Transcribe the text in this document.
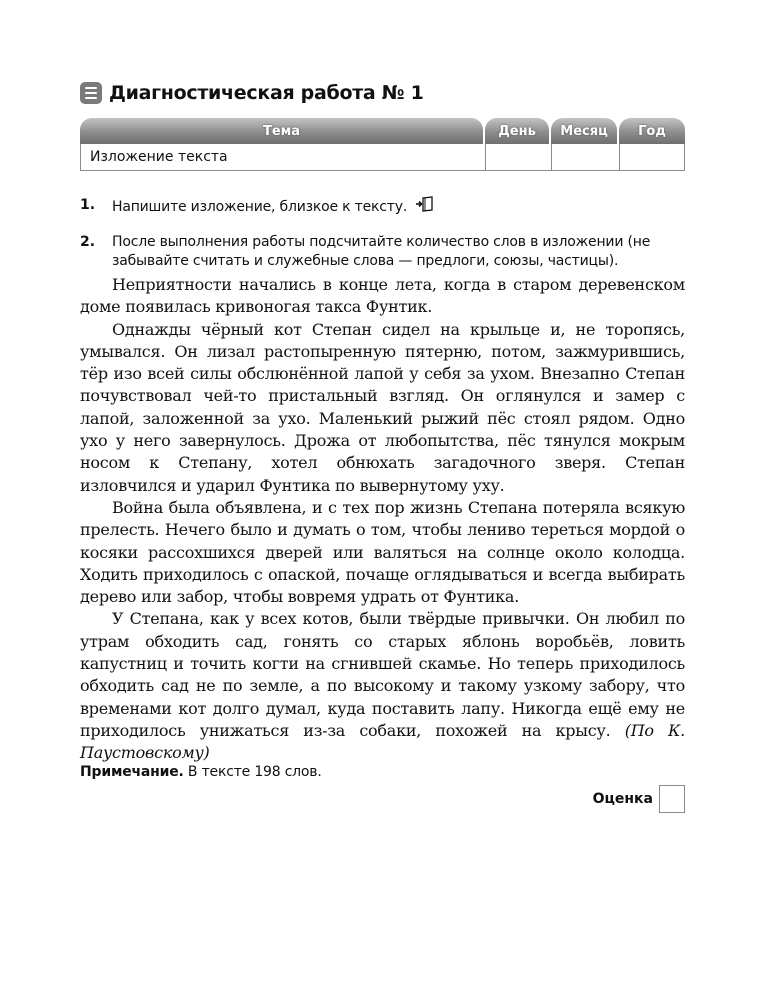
Диагностическая работа № 1
Тема	День	Месяц	Год
Изложение текста
1.	Напишите изложение, близкое к тексту.
2.	После выполнения работы подсчитайте количество слов в изложении (не забывайте считать и служебные слова — предлоги, союзы, частицы).

Неприятности начались в конце лета, когда в старом деревенском доме появилась кривоногая такса Фунтик.

Однажды чёрный кот Степан сидел на крыльце и, не торопясь, умывался. Он лизал растопыренную пятерню, потом, зажмурившись, тёр изо всей силы обслюнённой лапой у себя за ухом. Внезапно Степан почувствовал чей-то пристальный взгляд. Он оглянулся и замер с лапой, заложенной за ухо. Маленький рыжий пёс стоял рядом. Одно ухо у него завернулось. Дрожа от любопытства, пёс тянулся мокрым носом к Степану, хотел обнюхать загадочного зверя. Степан изловчился и ударил Фунтика по вывернутому уху.

Война была объявлена, и с тех пор жизнь Степана потеряла всякую прелесть. Нечего было и думать о том, чтобы лениво тереться мордой о косяки рассохшихся дверей или валяться на солнце около колодца. Ходить приходилось с опаской, почаще оглядываться и всегда выбирать дерево или забор, чтобы вовремя удрать от Фунтика.

У Степана, как у всех котов, были твёрдые привычки. Он любил по утрам обходить сад, гонять со старых яблонь воробьёв, ловить капустниц и точить когти на сгнившей скамье. Но теперь приходилось обходить сад не по земле, а по высокому и такому узкому забору, что временами кот долго думал, куда поставить лапу. Никогда ещё ему не приходилось унижаться из-за собаки, похожей на крысу. (По К. Паустовскому)

Примечание. В тексте 198 слов.
Оценка
